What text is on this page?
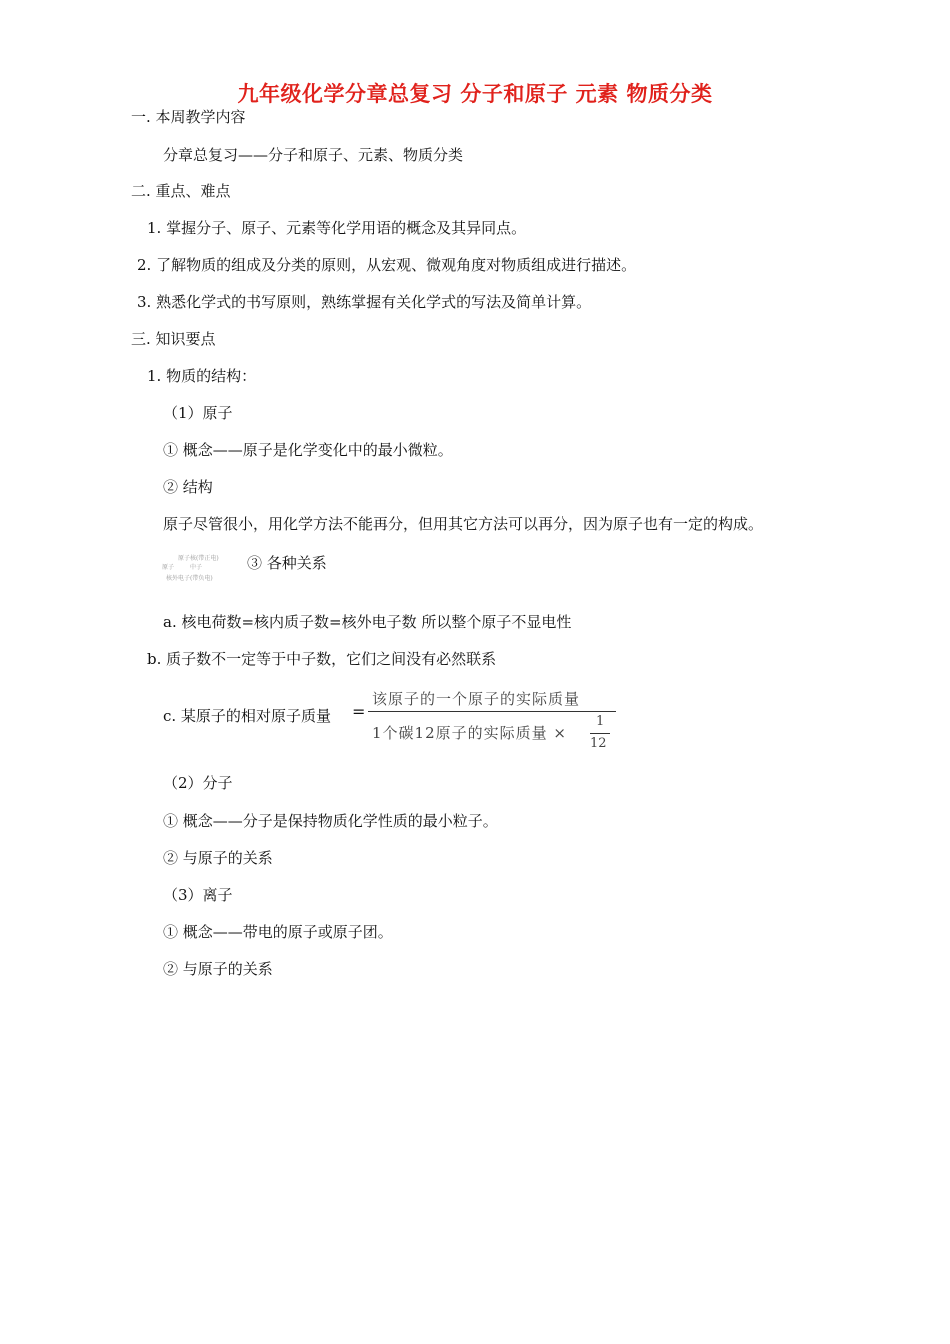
九年级化学分章总复习 分子和原子 元素 物质分类
一. 本周教学内容
分章总复习——分子和原子、元素、物质分类
二. 重点、难点
1. 掌握分子、原子、元素等化学用语的概念及其异同点。
2. 了解物质的组成及分类的原则，从宏观、微观角度对物质组成进行描述。
3. 熟悉化学式的书写原则，熟练掌握有关化学式的写法及简单计算。
三. 知识要点
1. 物质的结构：
（1）原子
① 概念——原子是化学变化中的最小微粒。
② 结构
原子尽管很小，用化学方法不能再分，但用其它方法可以再分，因为原子也有一定的构成。
原子核(带正电)
原子	中子
核外电子(带负电)
③ 各种关系
a. 核电荷数=核内质子数=核外电子数 所以整个原子不显电性
b. 质子数不一定等于中子数，它们之间没有必然联系
c. 某原子的相对原子质量 =
该原子的一个原子的实际质量
1个碳12原子的实际质量 ×
1
12
（2）分子
① 概念——分子是保持物质化学性质的最小粒子。
② 与原子的关系
（3）离子
① 概念——带电的原子或原子团。
② 与原子的关系
